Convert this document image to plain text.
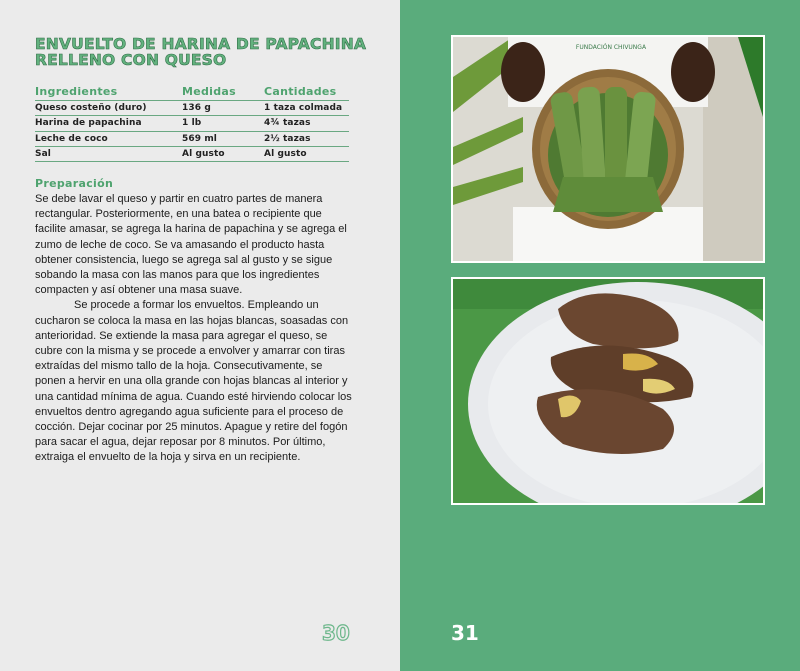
ENVUELTO DE HARINA DE PAPACHINA RELLENO CON QUESO
Ingredientes	Medidas	Cantidades
Queso costeño (duro)	136 g	1 taza colmada
Harina de papachina	1 lb	4¾ tazas
Leche de coco	569 ml	2½ tazas
Sal	Al gusto	Al gusto
Preparación

Se debe lavar el queso y partir en cuatro partes de manera rectangular. Posteriormente, en una batea o recipiente que facilite amasar, se agrega la harina de papachina y se agrega el zumo de leche de coco. Se va amasando el producto hasta obtener consistencia, luego se agrega sal al gusto y se sigue sobando la masa con las manos para que los ingredientes compacten y así obtener una masa suave.

Se procede a formar los envueltos. Empleando un cucharon se coloca la masa en las hojas blancas, soasadas con anterioridad. Se extiende la masa para agregar el queso, se cubre con la misma y se procede a envolver y amarrar con tiras extraídas del mismo tallo de la hoja. Consecutivamente, se ponen a hervir en una olla grande con hojas blancas al interior y una cantidad mínima de agua. Cuando esté hirviendo colocar los envueltos dentro agregando agua suficiente para el proceso de cocción. Dejar cocinar por 25 minutos. Apague y retire del fogón para sacar el agua, dejar reposar por 8 minutos. Por último, extraiga el envuelto de la hoja y sirva en un recipiente.

30
FUNDACIÓN CHIVUNGA
31
